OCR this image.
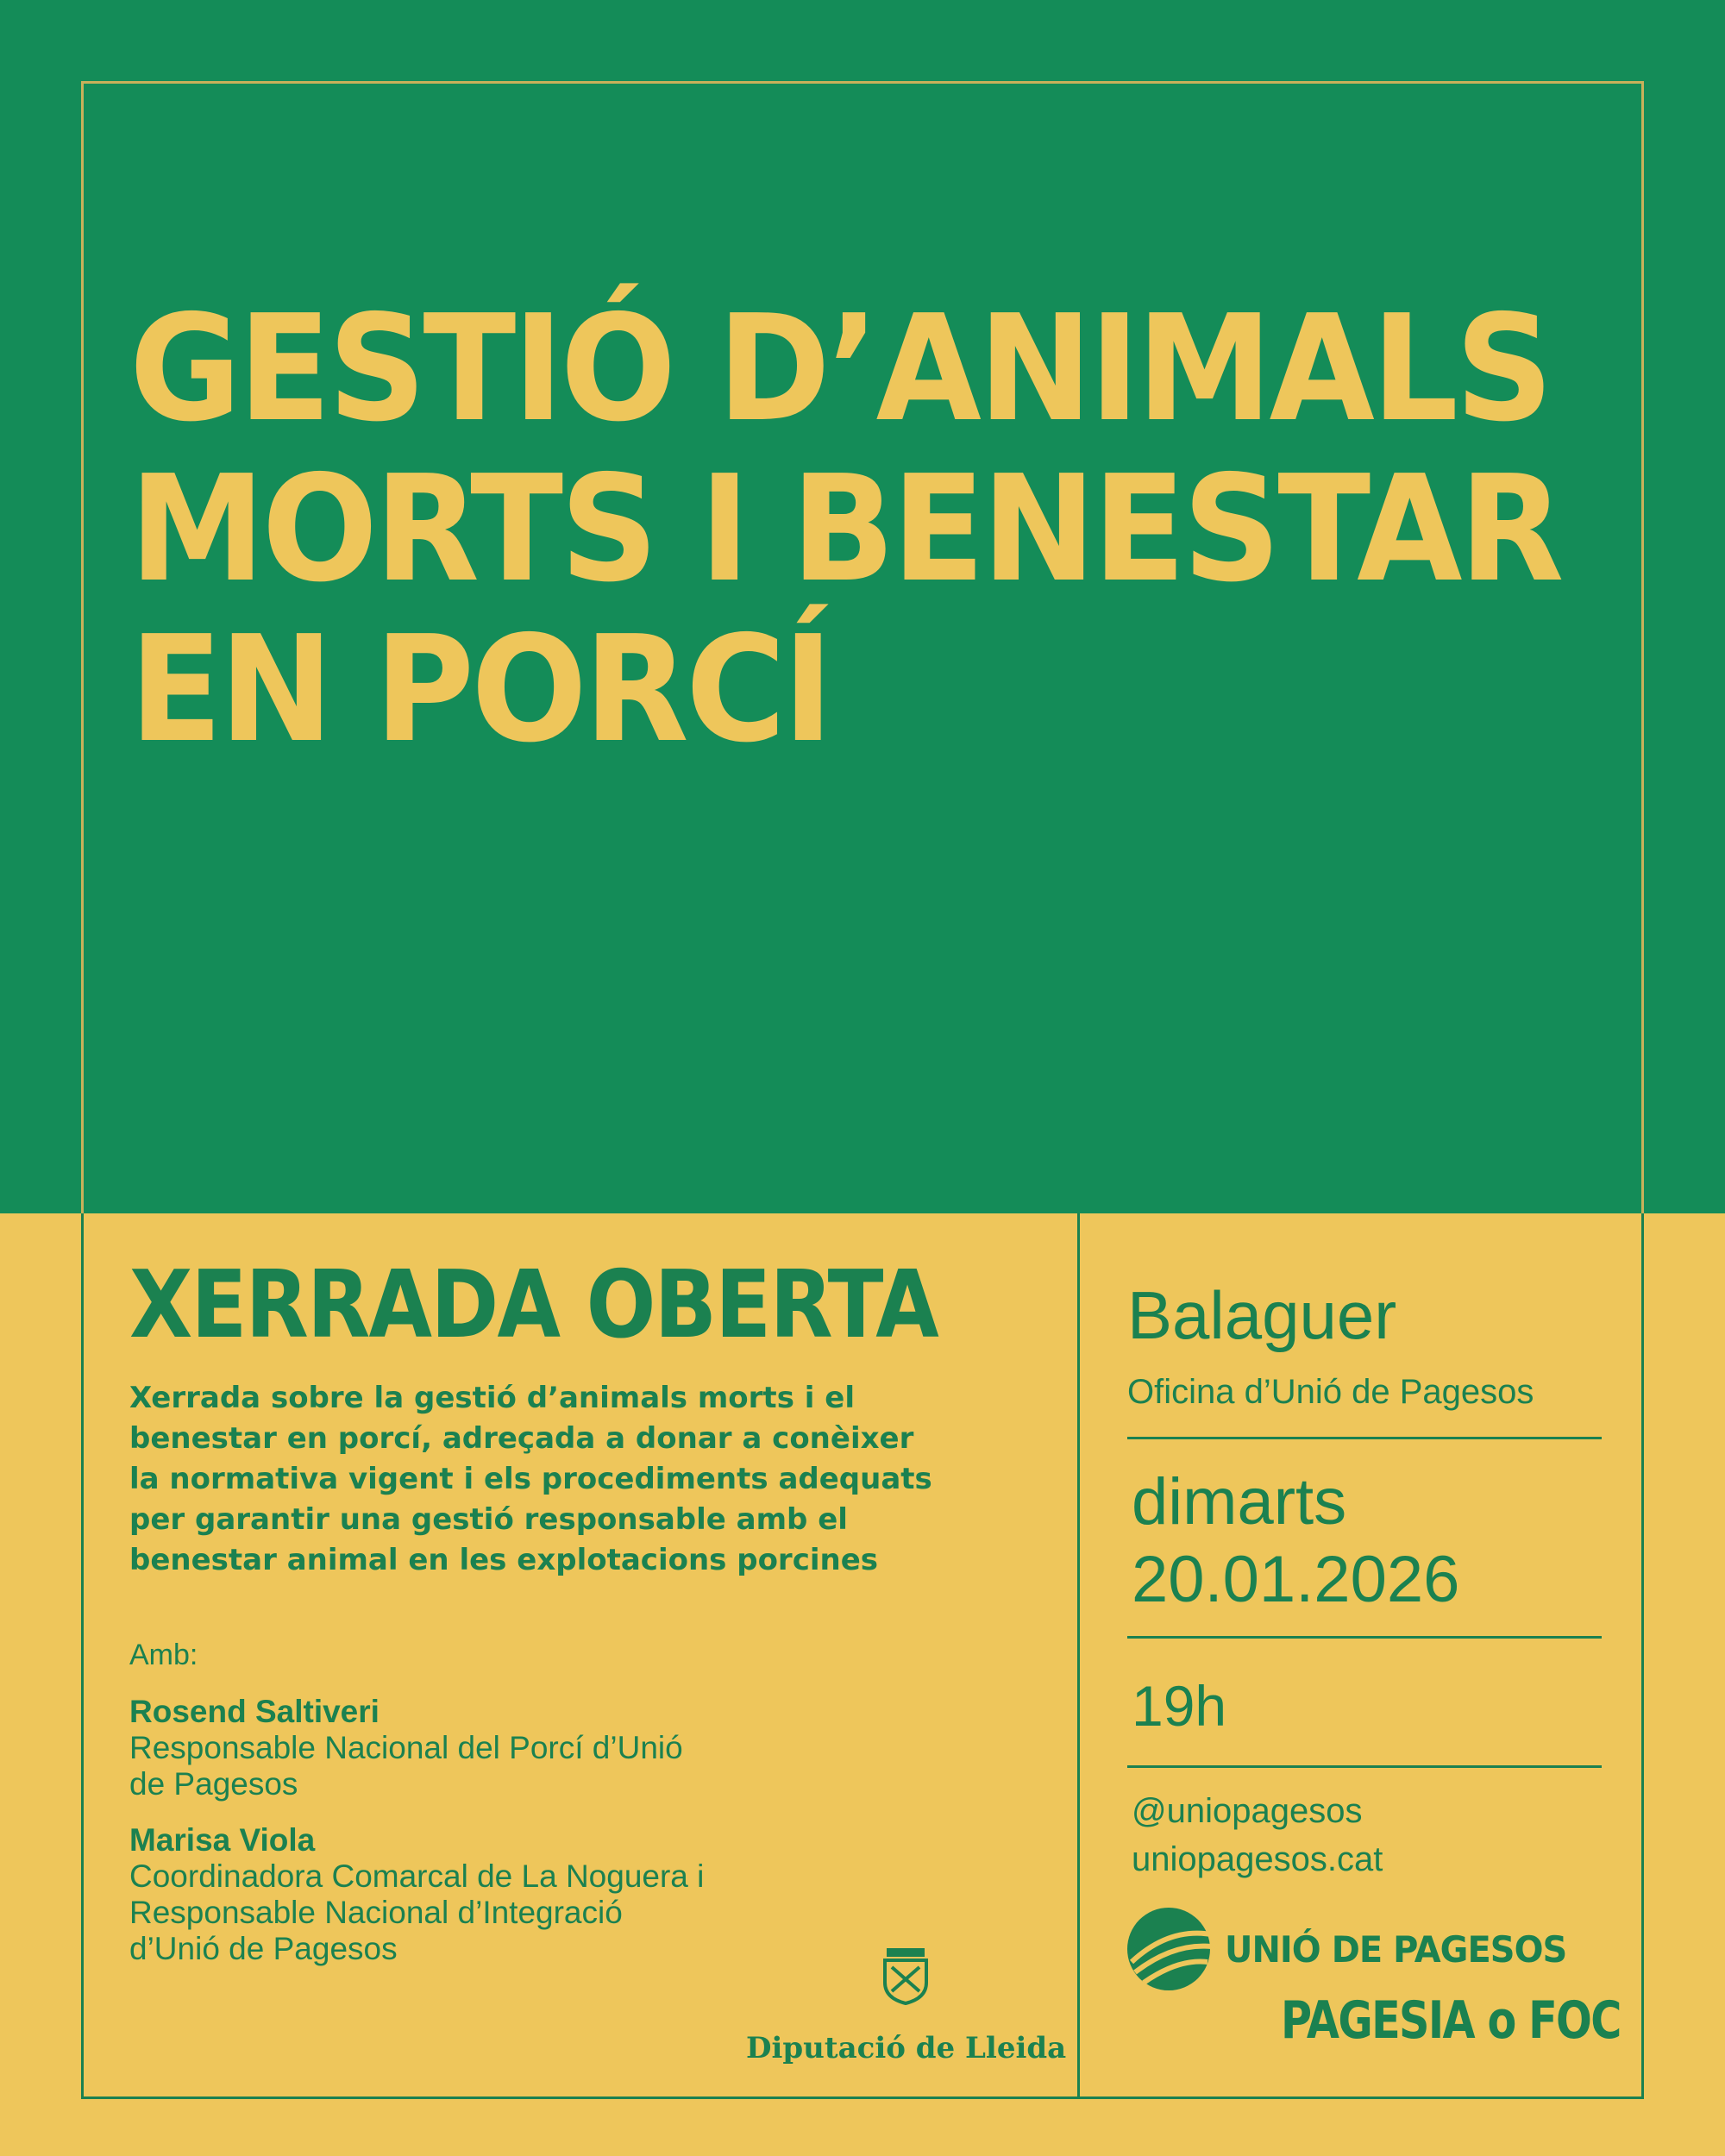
GESTIÓ D’ANIMALS
MORTS I BENESTAR
EN PORCÍ
XERRADA OBERTA
Xerrada sobre la gestió d’animals morts i el
benestar en porcí, adreçada a donar a conèixer
la normativa vigent i els procediments adequats
per garantir una gestió responsable amb el
benestar animal en les explotacions porcines
Amb:
Rosend Saltiveri
Responsable Nacional del Porcí d’Unió
de Pagesos
Marisa Viola
Coordinadora Comarcal de La Noguera i
Responsable Nacional d’Integració
d’Unió de Pagesos
Diputació de Lleida
Balaguer
Oficina d’Unió de Pagesos
dimarts
20.01.2026
19h
@uniopagesos
uniopagesos.cat
UNIÓ DE PAGESOS
PAGESIA o FOC
